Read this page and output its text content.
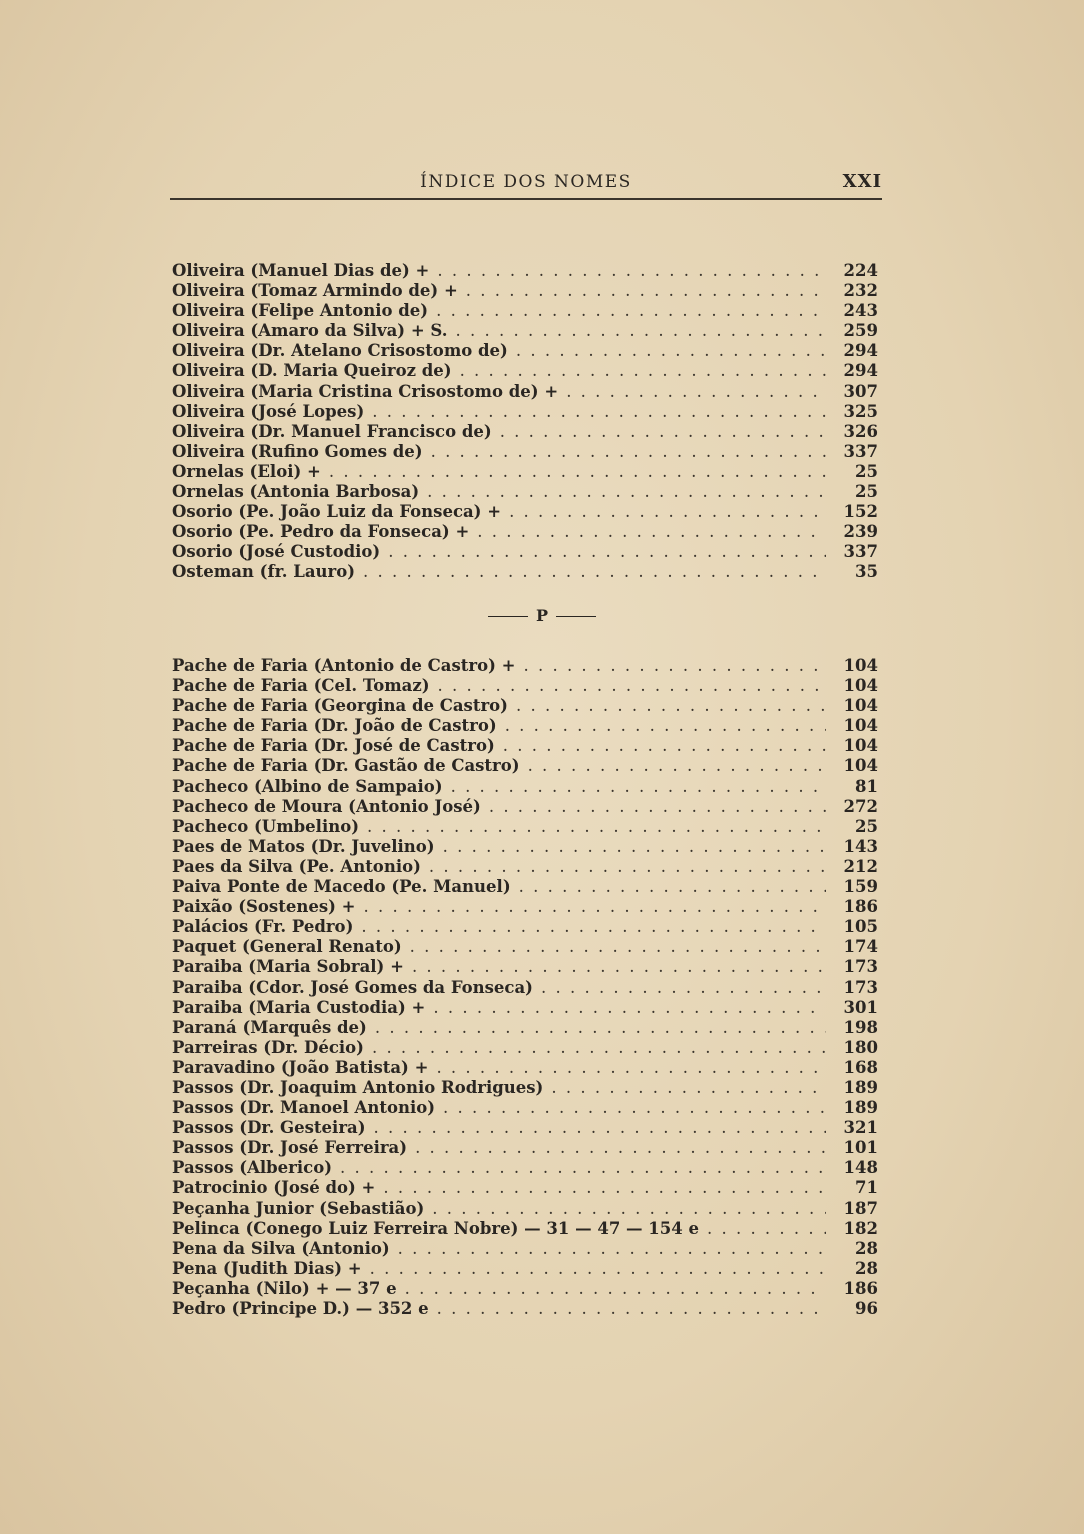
ÍNDICE DOS NOMES	XXI
Oliveira (Manuel Dias de) + . . .	224
Oliveira (Tomaz Armindo de) + . . .	232
Oliveira (Felipe Antonio de) . . .	243
Oliveira (Amaro da Silva) + S. . . .	259
Oliveira (Dr. Atelano Crisostomo de) . . .	294
Oliveira (D. Maria Queiroz de) . . .	294
Oliveira (Maria Cristina Crisostomo de) + . . .	307
Oliveira (José Lopes) . . .	325
Oliveira (Dr. Manuel Francisco de) . . .	326
Oliveira (Rufino Gomes de) . . .	337
Ornelas (Eloi) + . . .	25
Ornelas (Antonia Barbosa) . . .	25
Osorio (Pe. João Luiz da Fonseca) + . . .	152
Osorio (Pe. Pedro da Fonseca) + . . .	239
Osorio (José Custodio) . . .	337
Osteman (fr. Lauro) . . .	35
P
Pache de Faria (Antonio de Castro) + . . .	104
Pache de Faria (Cel. Tomaz) . . .	104
Pache de Faria (Georgina de Castro) . . .	104
Pache de Faria (Dr. João de Castro) . . .	104
Pache de Faria (Dr. José de Castro) . . .	104
Pache de Faria (Dr. Gastão de Castro) . . .	104
Pacheco (Albino de Sampaio) . . .	81
Pacheco de Moura (Antonio José) . . .	272
Pacheco (Umbelino) . . .	25
Paes de Matos (Dr. Juvelino) . . .	143
Paes da Silva (Pe. Antonio) . . .	212
Paiva Ponte de Macedo (Pe. Manuel) . . .	159
Paixão (Sostenes) + . . .	186
Palácios (Fr. Pedro) . . .	105
Paquet (General Renato) . . .	174
Paraiba (Maria Sobral) + . . .	173
Paraiba (Cdor. José Gomes da Fonseca) . . .	173
Paraiba (Maria Custodia) + . . .	301
Paraná (Marquês de) . . .	198
Parreiras (Dr. Décio) . . .	180
Paravadino (João Batista) + . . .	168
Passos (Dr. Joaquim Antonio Rodrigues) . . .	189
Passos (Dr. Manoel Antonio) . . .	189
Passos (Dr. Gesteira) . . .	321
Passos (Dr. José Ferreira) . . .	101
Passos (Alberico) . . .	148
Patrocinio (José do) + . . .	71
Peçanha Junior (Sebastião) . . .	187
Pelinca (Conego Luiz Ferreira Nobre) — 31 — 47 — 154 e . . .	182
Pena da Silva (Antonio) . . .	28
Pena (Judith Dias) + . . .	28
Peçanha (Nilo) + — 37 e . . .	186
Pedro (Principe D.) — 352 e . . .	96
